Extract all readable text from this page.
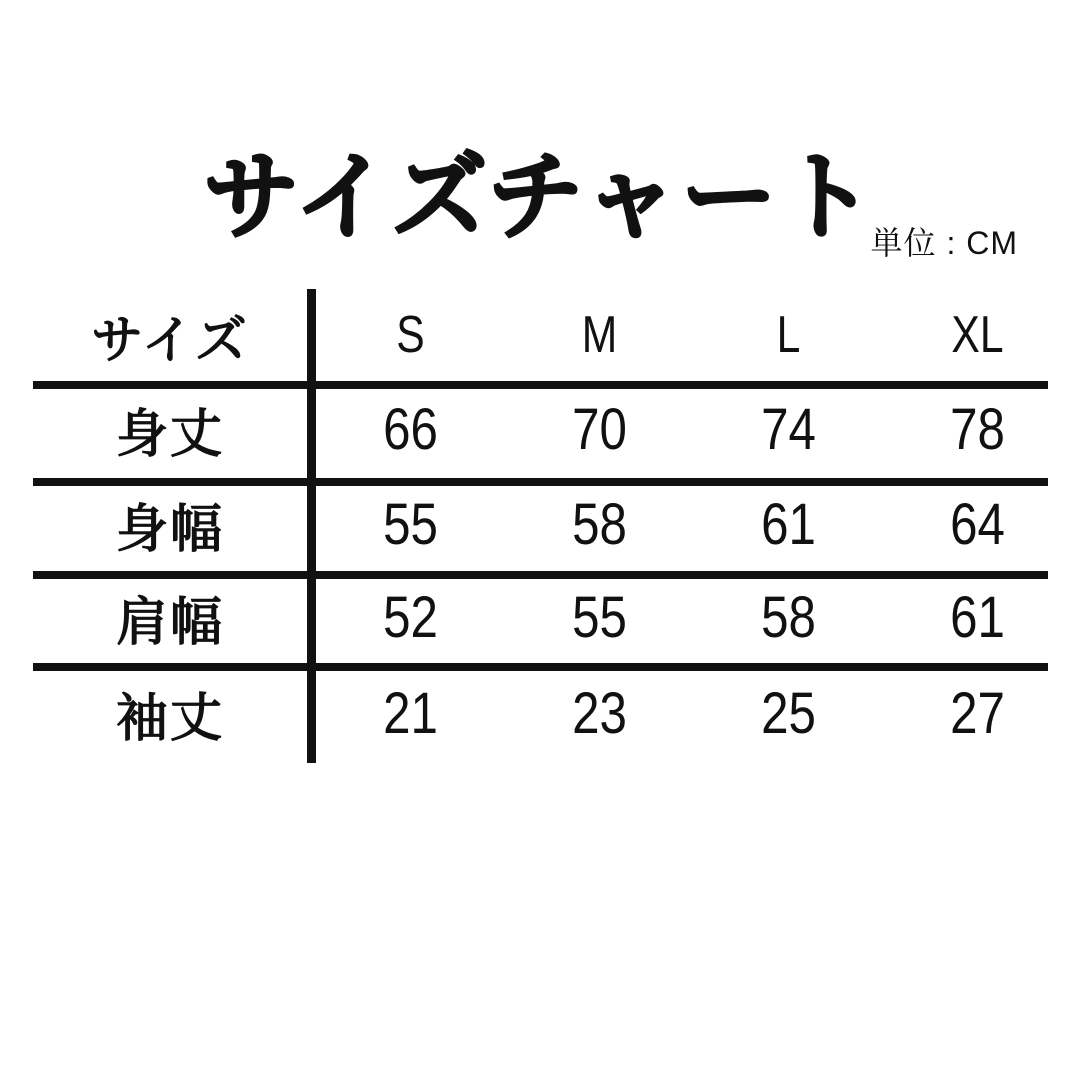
サイズチャート
単位 : CM
サイズ	S	M	L	XL
身丈	66	70	74	78
身幅	55	58	61	64
肩幅	52	55	58	61
袖丈	21	23	25	27
